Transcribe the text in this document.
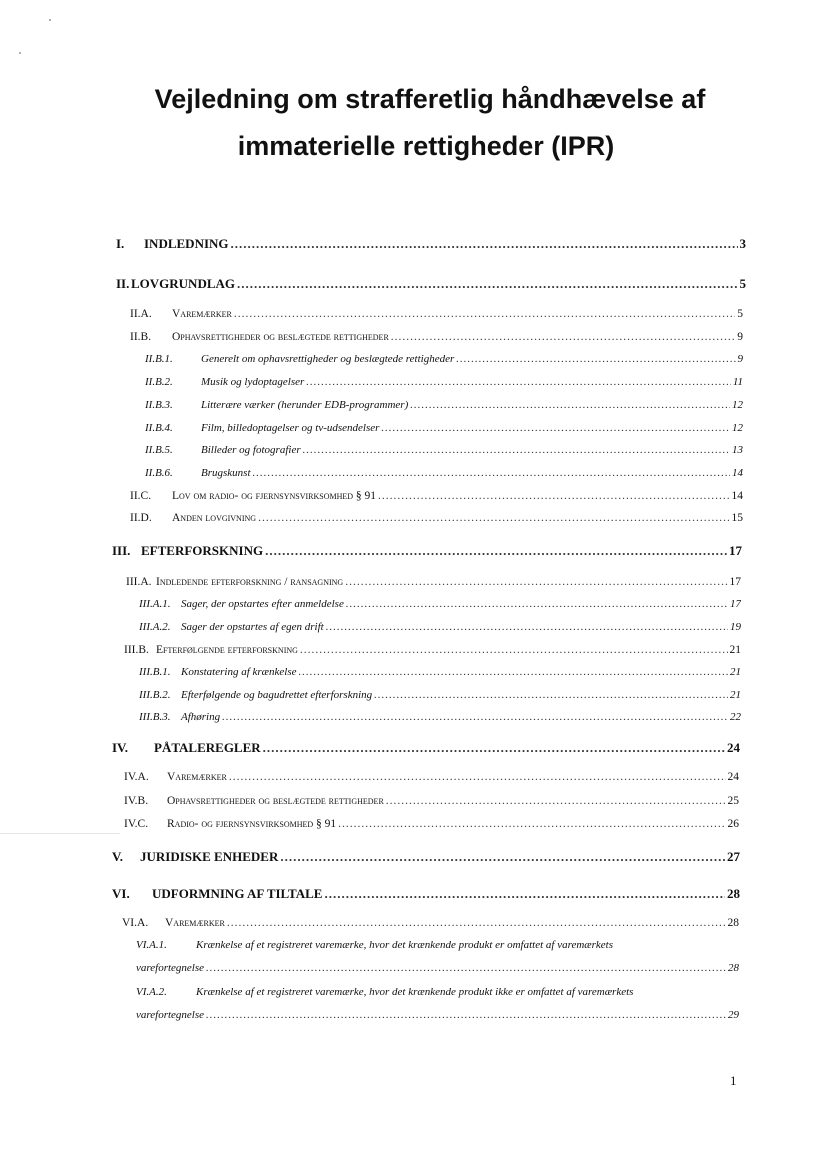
Vejledning om strafferetlig håndhævelse af
immaterielle rettigheder (IPR)
I.	INDLEDNING .....	3
II. LOVGRUNDLAG .....	5
II.A.	Varemærker .....	5
II.B.	Ophavsrettigheder og beslægtede rettigheder .....	9
II.B.1.	Generelt om ophavsrettigheder og beslægtede rettigheder .....	9
II.B.2.	Musik og lydoptagelser .....	11
II.B.3.	Litterære værker (herunder EDB-programmer) .....	12
II.B.4.	Film, billedoptagelser og tv-udsendelser .....	12
II.B.5.	Billeder og fotografier .....	13
II.B.6.	Brugskunst .....	14
II.C.	Lov om radio- og fjernsynsvirksomhed § 91 .....	14
II.D.	Anden lovgivning .....	15
III. EFTERFORSKNING .....	17
III.A. Indledende efterforskning / ransagning .....	17
III.A.1. Sager, der opstartes efter anmeldelse .....	17
III.A.2. Sager der opstartes af egen drift .....	19
III.B. Efterfølgende efterforskning .....	21
III.B.1. Konstatering af krænkelse .....	21
III.B.2. Efterfølgende og bagudrettet efterforskning .....	21
III.B.3. Afhøring .....	22
IV.	PÅTALEREGLER .....	24
IV.A.	Varemærker .....	24
IV.B.	Ophavsrettigheder og beslægtede rettigheder .....	25
IV.C.	Radio- og fjernsynsvirksomhed § 91 .....	26
V.	JURIDISKE ENHEDER .....	27
VI.	UDFORMNING AF TILTALE .....	28
VI.A.	Varemærker .....	28
VI.A.1.	Krænkelse af et registreret varemærke, hvor det krænkende produkt er omfattet af varemærkets
varefortegnelse .....	28
VI.A.2.	Krænkelse af et registreret varemærke, hvor det krænkende produkt ikke er omfattet af varemærkets
varefortegnelse .....	29
1
